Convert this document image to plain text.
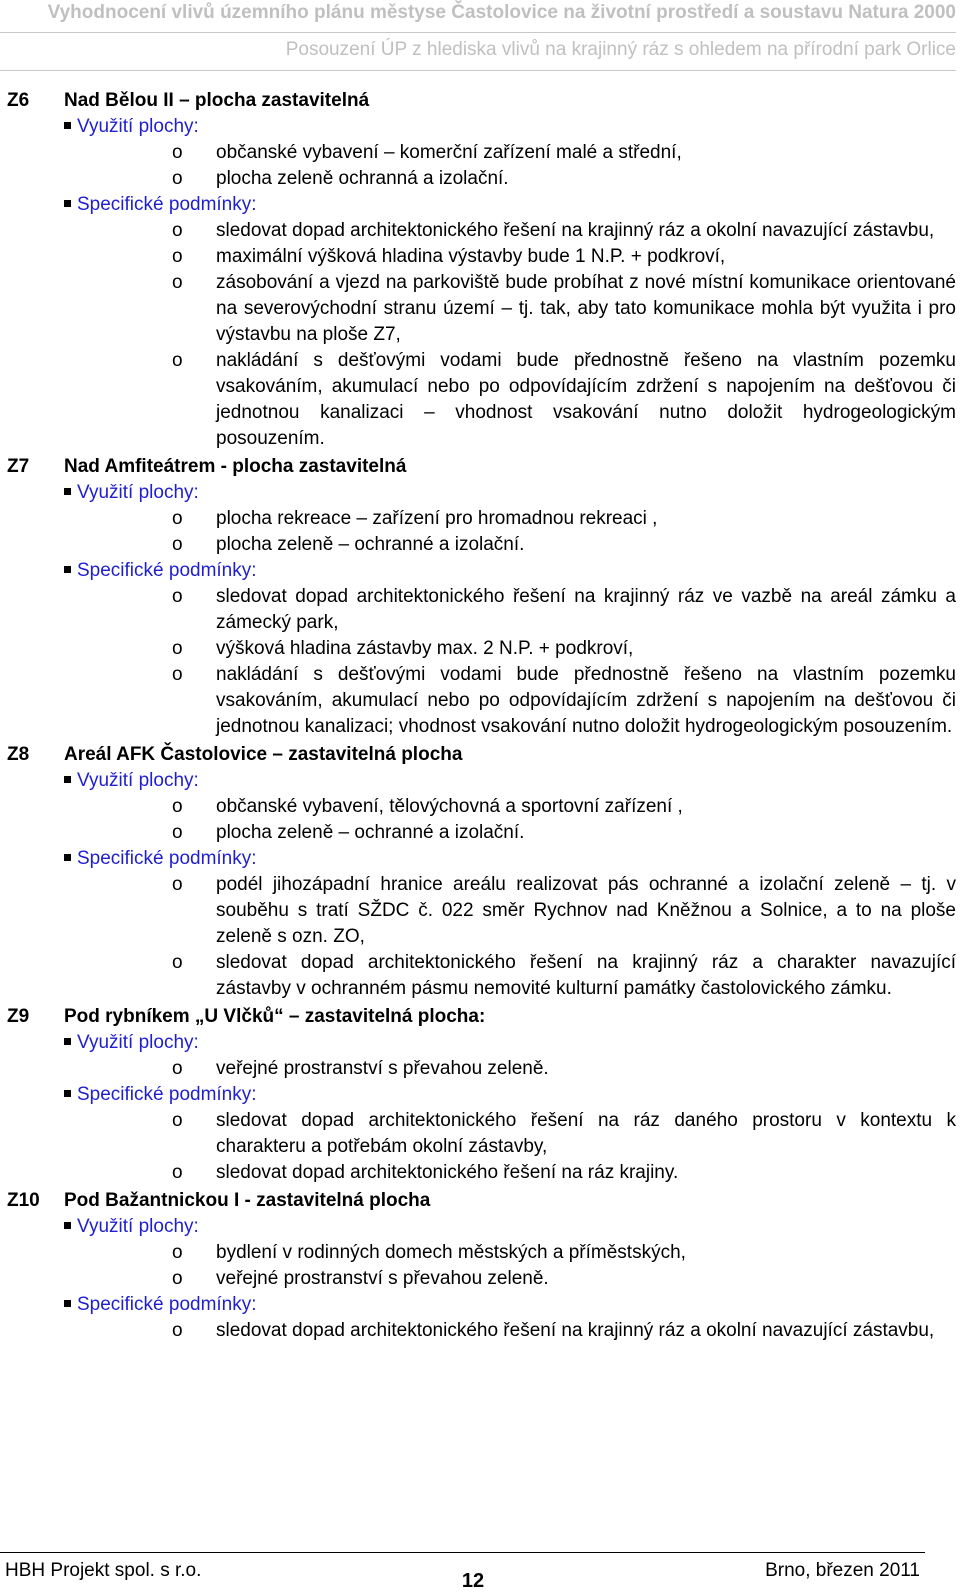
Vyhodnocení vlivů územního plánu městyse Častolovice na životní prostředí a soustavu Natura 2000
Posouzení ÚP z hlediska vlivů na krajinný ráz s ohledem na přírodní park Orlice
Z6 Nad Bělou II – plocha zastavitelná
Využití plochy:
o občanské vybavení – komerční zařízení malé a střední,
o plocha zeleně ochranná a izolační.
Specifické podmínky:
o sledovat dopad architektonického řešení na krajinný ráz a okolní navazující zástavbu,
o maximální výšková hladina výstavby bude 1 N.P. + podkroví,
o zásobování a vjezd na parkoviště bude probíhat z nové místní komunikace orientované na severovýchodní stranu území – tj. tak, aby tato komunikace mohla být využita i pro výstavbu na ploše Z7,
o nakládání s dešťovými vodami bude přednostně řešeno na vlastním pozemku vsakováním, akumulací nebo po odpovídajícím zdržení s napojením na dešťovou či jednotnou kanalizaci – vhodnost vsakování nutno doložit hydrogeologickým posouzením.
Z7 Nad Amfiteátrem - plocha zastavitelná
Využití plochy:
o plocha rekreace – zařízení pro hromadnou rekreaci ,
o plocha zeleně – ochranné a izolační.
Specifické podmínky:
o sledovat dopad architektonického řešení na krajinný ráz ve vazbě na areál zámku a zámecký park,
o výšková hladina zástavby max. 2 N.P. + podkroví,
o nakládání s dešťovými vodami bude přednostně řešeno na vlastním pozemku vsakováním, akumulací nebo po odpovídajícím zdržení s napojením na dešťovou či jednotnou kanalizaci; vhodnost vsakování nutno doložit hydrogeologickým posouzením.
Z8 Areál AFK Častolovice – zastavitelná plocha
Využití plochy:
o občanské vybavení, tělovýchovná a sportovní zařízení ,
o plocha zeleně – ochranné a izolační.
Specifické podmínky:
o podél jihozápadní hranice areálu realizovat pás ochranné a izolační zeleně – tj. v souběhu s tratí SŽDC č. 022 směr Rychnov nad Kněžnou a Solnice, a to na ploše zeleně s ozn. ZO,
o sledovat dopad architektonického řešení na krajinný ráz a charakter navazující zástavby v ochranném pásmu nemovité kulturní památky častolovického zámku.
Z9 Pod rybníkem „U Vlčků“ – zastavitelná plocha:
Využití plochy:
o veřejné prostranství s převahou zeleně.
Specifické podmínky:
o sledovat dopad architektonického řešení na ráz daného prostoru v kontextu k charakteru a potřebám okolní zástavby,
o sledovat dopad architektonického řešení na ráz krajiny.
Z10 Pod Bažantnickou I - zastavitelná plocha
Využití plochy:
o bydlení v rodinných domech městských a příměstských,
o veřejné prostranství s převahou zeleně.
Specifické podmínky:
o sledovat dopad architektonického řešení na krajinný ráz a okolní navazující zástavbu,
HBH Projekt spol. s r.o.	12	Brno, březen 2011
